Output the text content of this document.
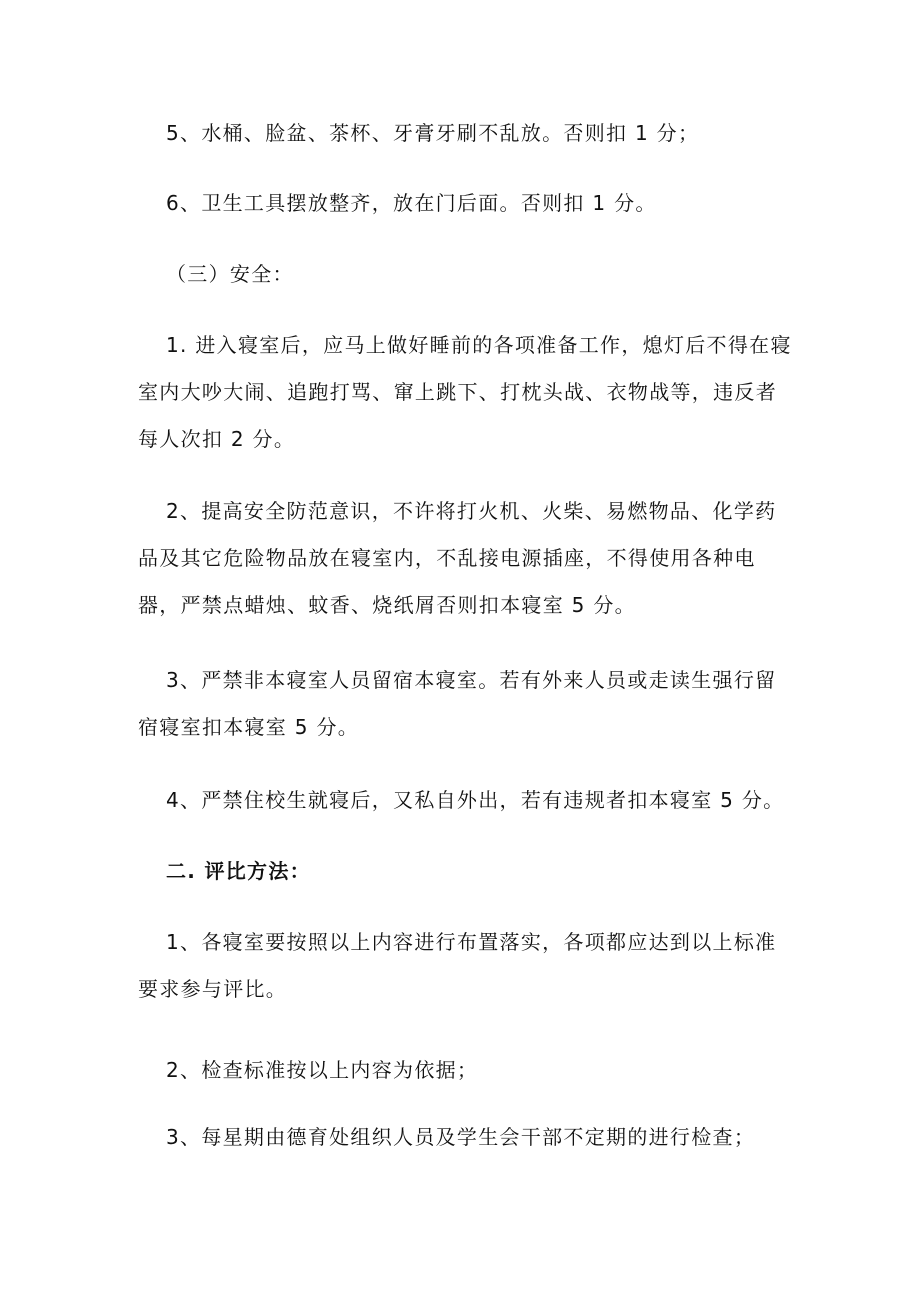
5、水桶、脸盆、茶杯、牙膏牙刷不乱放。否则扣 1 分；

6、卫生工具摆放整齐，放在门后面。否则扣 1 分。

（三）安全：

1. 进入寝室后，应马上做好睡前的各项准备工作，熄灯后不得在寝室内大吵大闹、追跑打骂、窜上跳下、打枕头战、衣物战等，违反者每人次扣 2 分。

2、提高安全防范意识，不许将打火机、火柴、易燃物品、化学药品及其它危险物品放在寝室内，不乱接电源插座，不得使用各种电器，严禁点蜡烛、蚊香、烧纸屑否则扣本寝室 5 分。

3、严禁非本寝室人员留宿本寝室。若有外来人员或走读生强行留宿寝室扣本寝室 5 分。

4、严禁住校生就寝后，又私自外出，若有违规者扣本寝室 5 分。

二. 评比方法：

1、各寝室要按照以上内容进行布置落实，各项都应达到以上标准要求参与评比。

2、检查标准按以上内容为依据；

3、每星期由德育处组织人员及学生会干部不定期的进行检查；
